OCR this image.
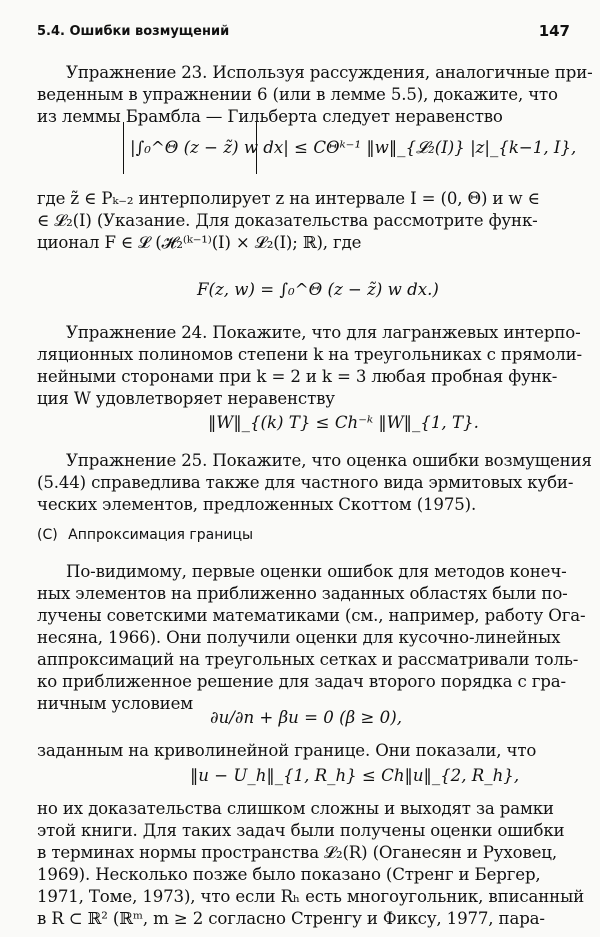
5.4. Ошибки возмущений	147
Упражнение 23. Используя рассуждения, аналогичные при-
веденным в упражнении 6 (или в лемме 5.5), докажите, что
из леммы Брамбла — Гильберта следует неравенство
|∫₀^Θ (z − z̃) w dx| ≤ CΘᵏ⁻¹ ‖w‖_{𝓛₂(I)} |z|_{k−1, I},
где z̃ ∈ Pₖ₋₂ интерполирует z на интервале I = (0, Θ) и w ∈
∈ 𝓛₂(I) (Указание. Для доказательства рассмотрите функ-
ционал F ∈ 𝓛 (𝓗₂⁽ᵏ⁻¹⁾(I) × 𝓛₂(I); ℝ), где
F(z, w) = ∫₀^Θ (z − z̃) w dx.)
Упражнение 24. Покажите, что для лагранжевых интерпо-
ляционных полиномов степени k на треугольниках с прямоли-
нейными сторонами при k = 2 и k = 3 любая пробная функ-
ция W удовлетворяет неравенству
‖W‖_{(k) T} ≤ Ch⁻ᵏ ‖W‖_{1, T}.
Упражнение 25. Покажите, что оценка ошибки возмущения
(5.44) справедлива также для частного вида эрмитовых куби-
ческих элементов, предложенных Скоттом (1975).
(С) Аппроксимация границы
По-видимому, первые оценки ошибок для методов конеч-
ных элементов на приближенно заданных областях были по-
лучены советскими математиками (см., например, работу Ога-
несяна, 1966). Они получили оценки для кусочно-линейных
аппроксимаций на треугольных сетках и рассматривали толь-
ко приближенное решение для задач второго порядка с гра-
ничным условием
∂u/∂n + βu = 0 (β ≥ 0),
заданным на криволинейной границе. Они показали, что
‖u − U_h‖_{1, R_h} ≤ Ch‖u‖_{2, R_h},
но их доказательства слишком сложны и выходят за рамки
этой книги. Для таких задач были получены оценки ошибки
в терминах нормы пространства 𝓛₂(R) (Оганесян и Руховец,
1969). Несколько позже было показано (Стренг и Бергер,
1971, Томе, 1973), что если Rₕ есть многоугольник, вписанный
в R ⊂ ℝ² (ℝᵐ, m ≥ 2 согласно Стренгу и Фиксу, 1977, пара-
